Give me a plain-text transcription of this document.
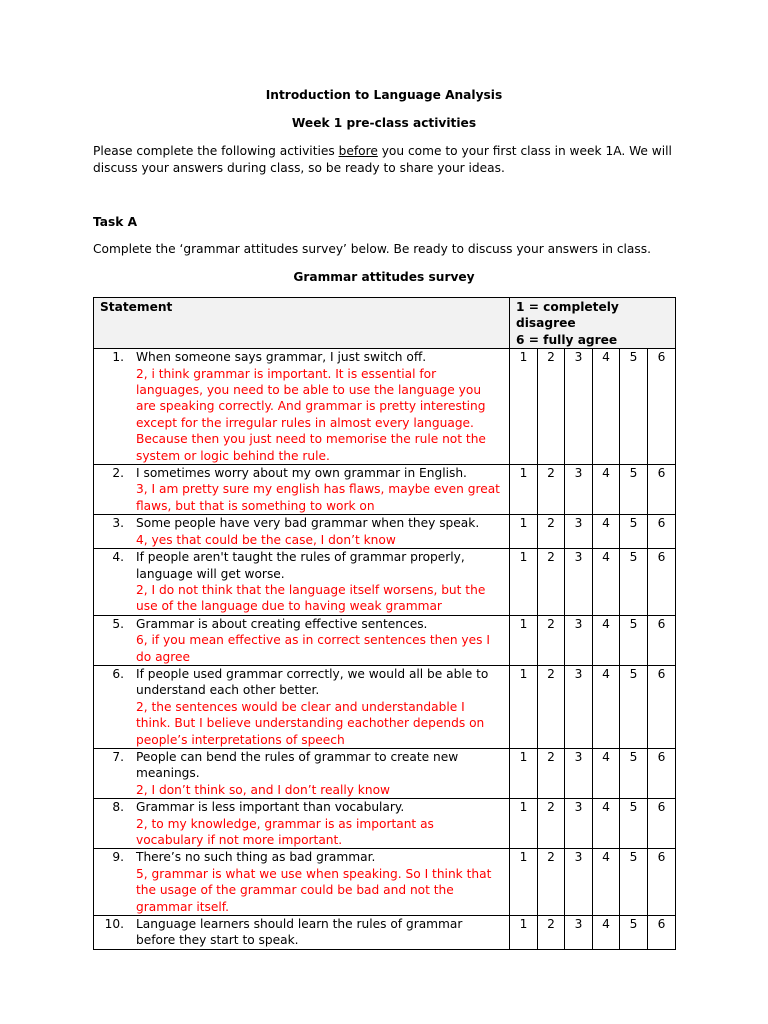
Introduction to Language Analysis
Week 1 pre-class activities
Please complete the following activities before you come to your first class in week 1A. We will discuss your answers during class, so be ready to share your ideas.
Task A
Complete the ‘grammar attitudes survey’ below. Be ready to discuss your answers in class.
Grammar attitudes survey
Statement	1 = completely disagree
6 = fully agree					

1. When someone says grammar, I just switch off.
2, i think grammar is important. It is essential for languages, you need to be able to use the language you are speaking correctly. And grammar is pretty interesting except for the irregular rules in almost every language. Because then you just need to memorise the rule not the system or logic behind the rule.	1	2	3	4	5	6

2. I sometimes worry about my own grammar in English.
3, I am pretty sure my english has flaws, maybe even great flaws, but that is something to work on	1	2	3	4	5	6

3. Some people have very bad grammar when they speak.
4, yes that could be the case, I don’t know	1	2	3	4	5	6

4. If people aren't taught the rules of grammar properly, language will get worse.
2, I do not think that the language itself worsens, but the use of the language due to having weak grammar	1	2	3	4	5	6

5. Grammar is about creating effective sentences.
6, if you mean effective as in correct sentences then yes I do agree	1	2	3	4	5	6

6. If people used grammar correctly, we would all be able to understand each other better.
2, the sentences would be clear and understandable I think. But I believe understanding eachother depends on people’s interpretations of speech	1	2	3	4	5	6

7. People can bend the rules of grammar to create new meanings.
2, I don’t think so, and I don’t really know	1	2	3	4	5	6

8. Grammar is less important than vocabulary.
2, to my knowledge, grammar is as important as vocabulary if not more important.	1	2	3	4	5	6

9. There’s no such thing as bad grammar.
5, grammar is what we use when speaking. So I think that the usage of the grammar could be bad and not the grammar itself.	1	2	3	4	5	6

10. Language learners should learn the rules of grammar before they start to speak.	1	2	3	4	5	6
